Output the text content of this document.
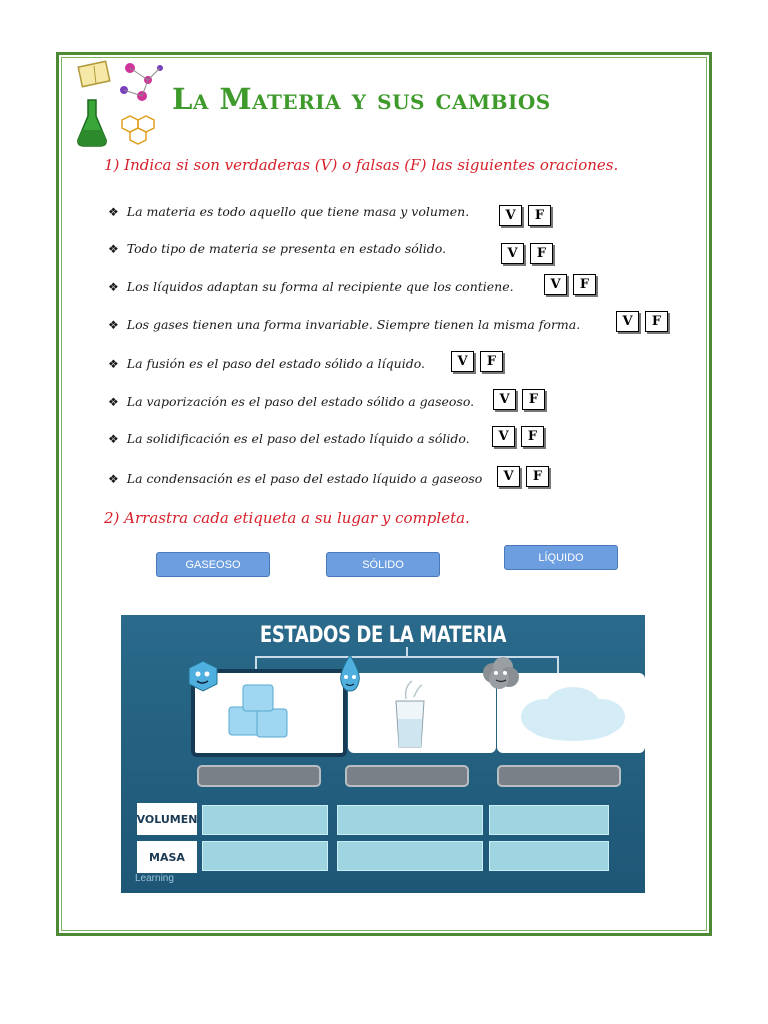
La Materia y sus cambios
1) Indica si son verdaderas (V) o falsas (F) las siguientes oraciones.
❖ La materia es todo aquello que tiene masa y volumen.	V	F
❖ Todo tipo de materia se presenta en estado sólido.	V	F
❖ Los líquidos adaptan su forma al recipiente que los contiene.	V	F
❖ Los gases tienen una forma invariable. Siempre tienen la misma forma.	V	F
❖ La fusión es el paso del estado sólido a líquido.	V	F
❖ La vaporización es el paso del estado sólido a gaseoso.	V	F
❖ La solidificación es el paso del estado líquido a sólido.	V	F
❖ La condensación es el paso del estado líquido a gaseoso	V	F
2) Arrastra cada etiqueta a su lugar y completa.
GASEOSO	SÓLIDO
LÍQUIDO
ESTADOS DE LA MATERIA
VOLUMEN
MASA
Learning
